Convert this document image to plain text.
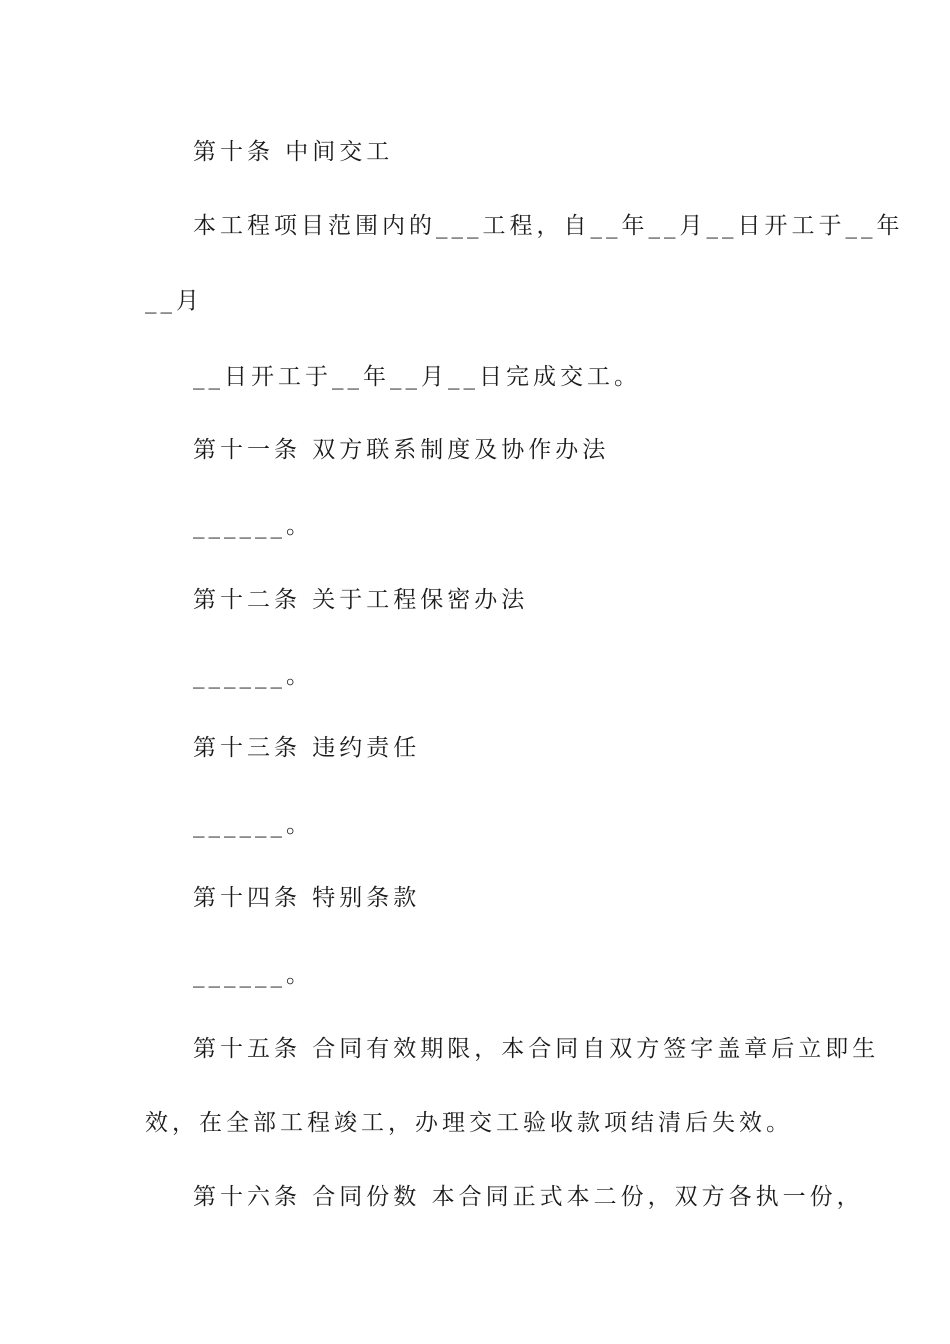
第十条 中间交工

本工程项目范围内的___工程，自__年__月__日开工于__年

__月

__日开工于__年__月__日完成交工。

第十一条 双方联系制度及协作办法

______。

第十二条 关于工程保密办法

______。

第十三条 违约责任

______。

第十四条 特别条款

______。

第十五条 合同有效期限，本合同自双方签字盖章后立即生

效，在全部工程竣工，办理交工验收款项结清后失效。

第十六条 合同份数 本合同正式本二份，双方各执一份，
